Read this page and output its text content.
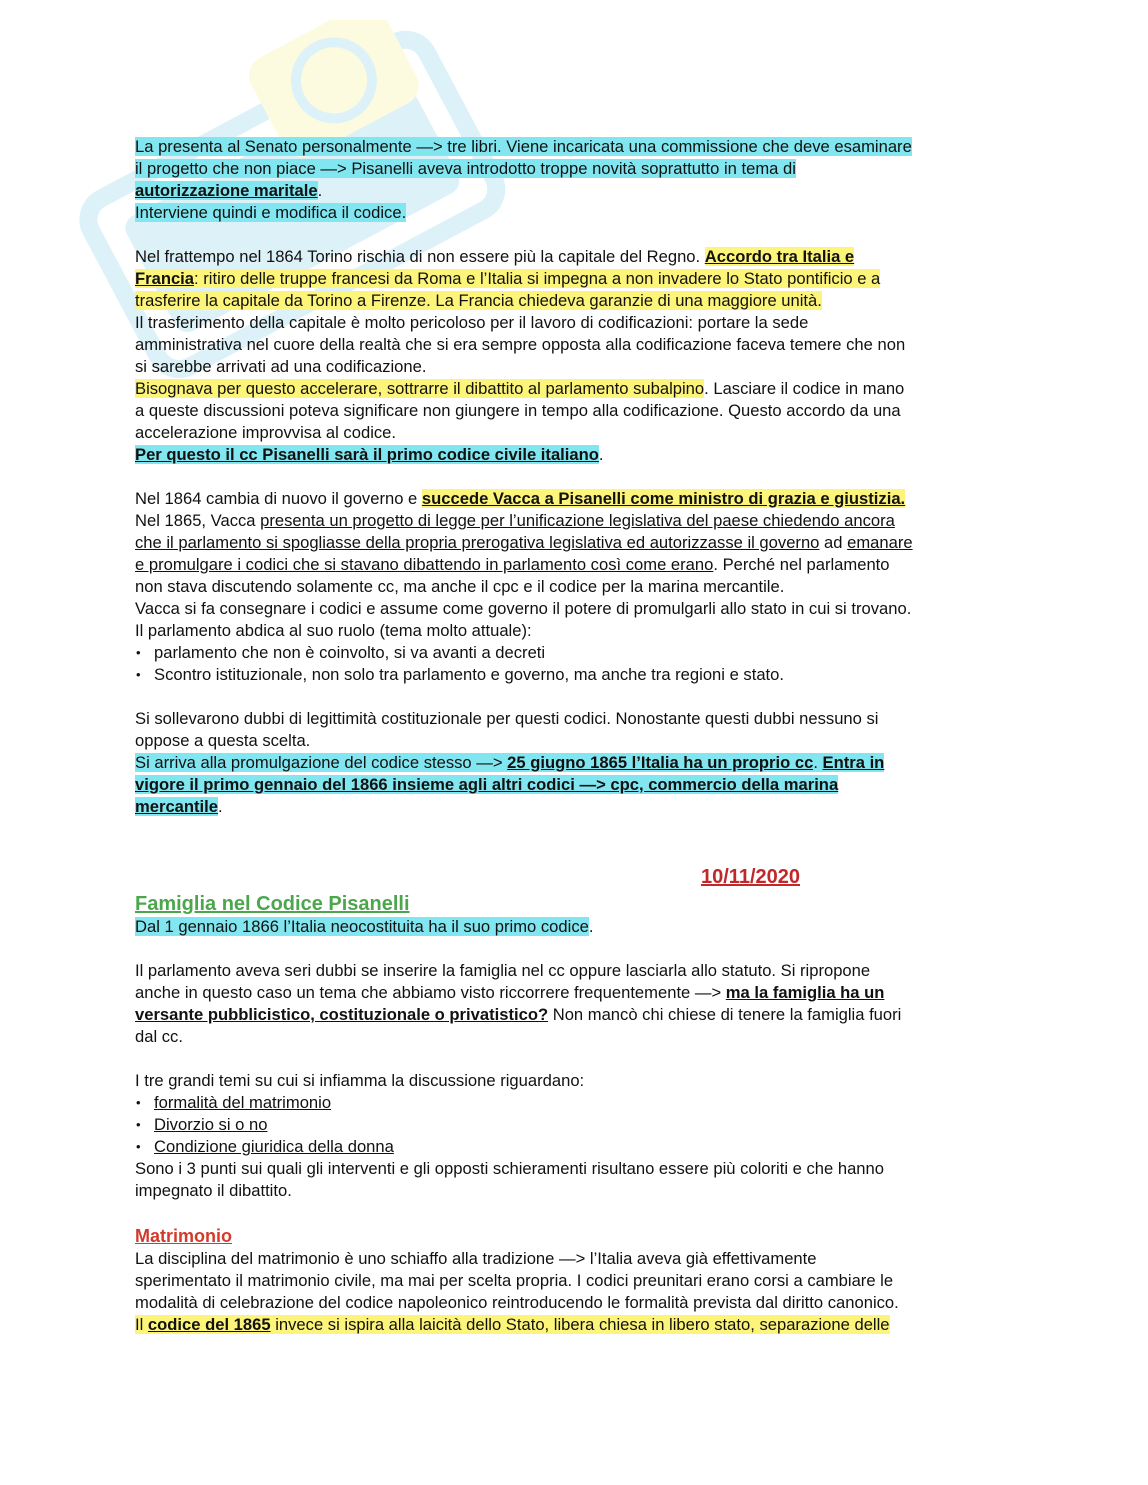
La presenta al Senato personalmente —> tre libri. Viene incaricata una commissione che deve esaminare
il progetto che non piace —> Pisanelli aveva introdotto troppe novità soprattutto in tema di
autorizzazione maritale.
Interviene quindi e modifica il codice.
Nel frattempo nel 1864 Torino rischia di non essere più la capitale del Regno. Accordo tra Italia e
Francia: ritiro delle truppe francesi da Roma e l’Italia si impegna a non invadere lo Stato pontificio e a
trasferire la capitale da Torino a Firenze. La Francia chiedeva garanzie di una maggiore unità.
Il trasferimento della capitale è molto pericoloso per il lavoro di codificazioni: portare la sede
amministrativa nel cuore della realtà che si era sempre opposta alla codificazione faceva temere che non
si sarebbe arrivati ad una codificazione.
Bisognava per questo accelerare, sottrarre il dibattito al parlamento subalpino. Lasciare il codice in mano
a queste discussioni poteva significare non giungere in tempo alla codificazione. Questo accordo da una
accelerazione improvvisa al codice.
Per questo il cc Pisanelli sarà il primo codice civile italiano.
Nel 1864 cambia di nuovo il governo e succede Vacca a Pisanelli come ministro di grazia e giustizia.
Nel 1865, Vacca presenta un progetto di legge per l’unificazione legislativa del paese chiedendo ancora
che il parlamento si spogliasse della propria prerogativa legislativa ed autorizzasse il governo ad emanare
e promulgare i codici che si stavano dibattendo in parlamento così come erano. Perché nel parlamento
non stava discutendo solamente cc, ma anche il cpc e il codice per la marina mercantile.
Vacca si fa consegnare i codici e assume come governo il potere di promulgarli allo stato in cui si trovano.
Il parlamento abdica al suo ruolo (tema molto attuale):
• parlamento che non è coinvolto, si va avanti a decreti
• Scontro istituzionale, non solo tra parlamento e governo, ma anche tra regioni e stato.
Si sollevarono dubbi di legittimità costituzionale per questi codici. Nonostante questi dubbi nessuno si
oppose a questa scelta.
Si arriva alla promulgazione del codice stesso —> 25 giugno 1865 l’Italia ha un proprio cc. Entra in
vigore il primo gennaio del 1866 insieme agli altri codici —> cpc, commercio della marina
mercantile.
10/11/2020
Famiglia nel Codice Pisanelli
Dal 1 gennaio 1866 l’Italia neocostituita ha il suo primo codice.
Il parlamento aveva seri dubbi se inserire la famiglia nel cc oppure lasciarla allo statuto. Si ripropone
anche in questo caso un tema che abbiamo visto riccorrere frequentemente —> ma la famiglia ha un
versante pubblicistico, costituzionale o privatistico? Non mancò chi chiese di tenere la famiglia fuori
dal cc.
I tre grandi temi su cui si infiamma la discussione riguardano:
• formalità del matrimonio
• Divorzio si o no
• Condizione giuridica della donna
Sono i 3 punti sui quali gli interventi e gli opposti schieramenti risultano essere più coloriti e che hanno
impegnato il dibattito.
Matrimonio
La disciplina del matrimonio è uno schiaffo alla tradizione —> l’Italia aveva già effettivamente
sperimentato il matrimonio civile, ma mai per scelta propria. I codici preunitari erano corsi a cambiare le
modalità di celebrazione del codice napoleonico reintroducendo le formalità prevista dal diritto canonico.
Il codice del 1865 invece si ispira alla laicità dello Stato, libera chiesa in libero stato, separazione delle
